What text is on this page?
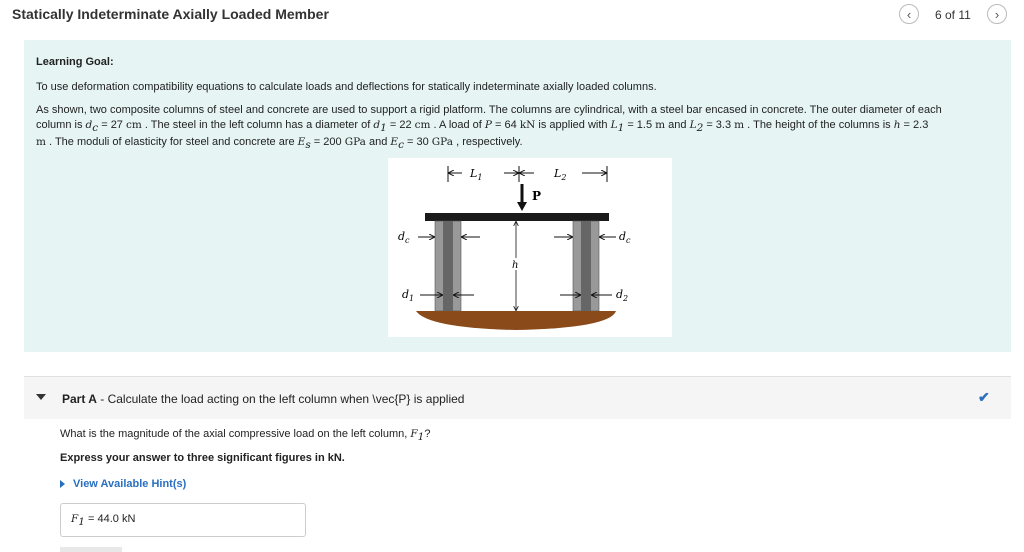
Statically Indeterminate Axially Loaded Member	‹	6 of 11	›
Learning Goal:
To use deformation compatibility equations to calculate loads and deflections for statically indeterminate axially loaded columns.
As shown, two composite columns of steel and concrete are used to support a rigid platform. The columns are cylindrical, with a steel bar encased in concrete. The outer diameter of each
column is $d_c = 27$ cm . The steel in the left column has a diameter of $d_1 = 22$ cm . A load of P = 64 kN is applied with $L_1 = 1.5$ m and $L_2 = 3.3$ m . The height of the columns is h = 2.3
m . The moduli of elasticity for steel and concrete are $E_s = 200$ GPa and $E_c = 30$ GPa , respectively.
$L_1$	$L_2$
P
$d_c$	$d_c$
$d_1$	$d_2$
h
Part A - Calculate the load acting on the left column when \vec{P} is applied	✔
What is the magnitude of the axial compressive load on the left column, $F_1$?
Express your answer to three significant figures in kN.
View Available Hint(s)
$F_1 = 44.0$ kN
